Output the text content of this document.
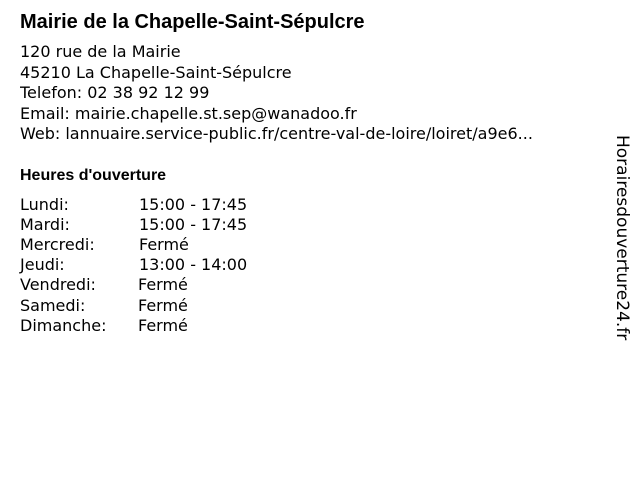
Mairie de la Chapelle-Saint-Sépulcre
120 rue de la Mairie
45210 La Chapelle-Saint-Sépulcre
Telefon: 02 38 92 12 99
Email: mairie.chapelle.st.sep@wanadoo.fr
Web: lannuaire.service-public.fr/centre-val-de-loire/loiret/a9e6...
Heures d'ouverture
Lundi:	15:00 - 17:45
Mardi:	15:00 - 17:45
Mercredi:	Fermé
Jeudi:	13:00 - 14:00
Vendredi:	Fermé
Samedi:	Fermé
Dimanche:	Fermé	Horairesdouverture24.fr
